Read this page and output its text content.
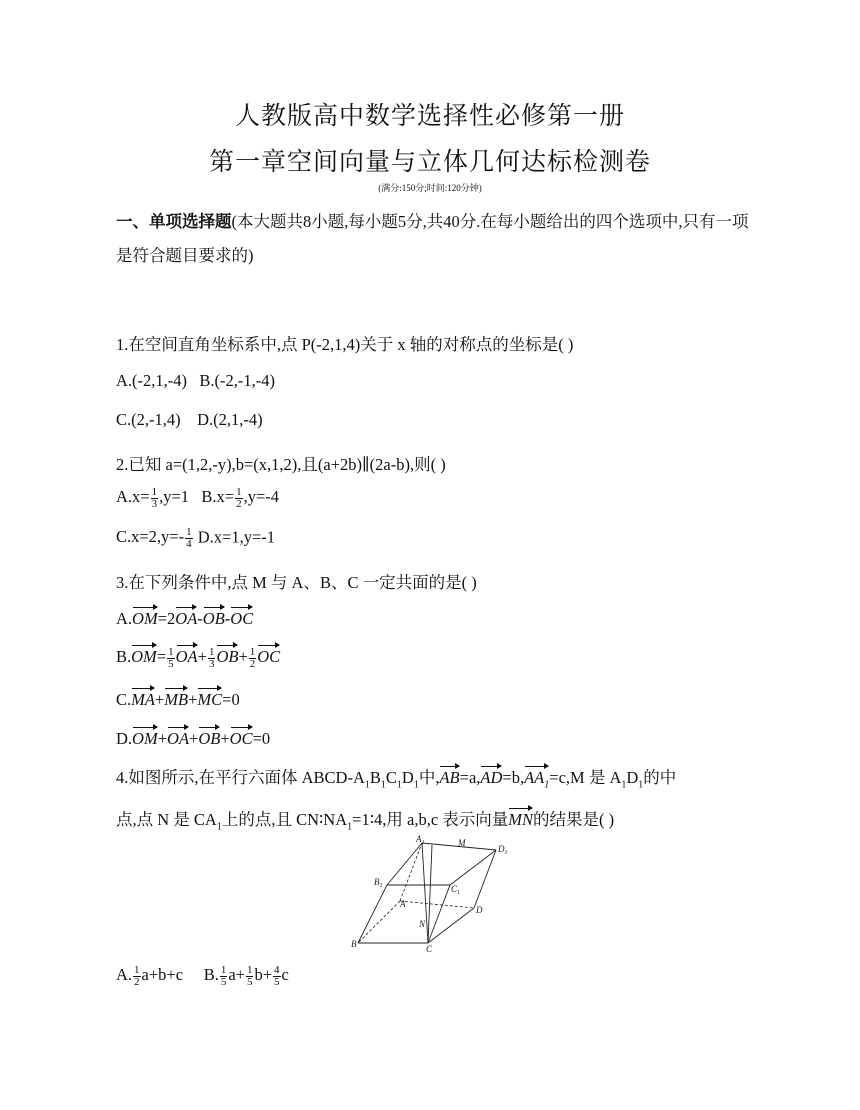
人教版高中数学选择性必修第一册
第一章空间向量与立体几何达标检测卷
(满分:150分;时间:120分钟)
一、单项选择题(本大题共8小题,每小题5分,共40分.在每小题给出的四个选项中,只有一项是符合题目要求的)
1.在空间直角坐标系中,点 P(-2,1,4)关于 x 轴的对称点的坐标是( )
A.(-2,1,-4) B.(-2,-1,-4)
C.(2,-1,4) D.(2,1,-4)
2.已知 a=(1,2,-y),b=(x,1,2),且(a+2b)∥(2a-b),则( )
$A.x= \frac{1}{3} ,y=1$ $B.x= \frac{1}{2} ,y=-4$
$C.x=2,y=- \frac{1}{4} D.x=1,y=-1$
3.在下列条件中,点 M 与 A、B、C 一定共面的是( )
A.OM=2OA-OB-OC
$B.OM= \frac{1}{5} OA+ \frac{1}{3} OB+ \frac{1}{2}$ OC
C.MA+MB+MC=0
D.OM+OA+OB+OC=0
4.如图所示,在平行六面体 ABCD-$A_1B_1C_1D_1$中$,AB=a,AD=b,AA_1=c,M$ 是 $A_1D_1$的中
点,点 N 是 $CA_1$上的点,且 $CN∶NA_1=1∶4$,用 a,b,c 表示向量MN的结果是( )
$A_1$	M
$D_1$
$B_1$	$C_1$
A
D
N
B	C
A. $\frac{1}{2} a+b+c$ B. $\frac{1}{5} a+ \frac{1}{5} b+ \frac{4}{5}$ c
